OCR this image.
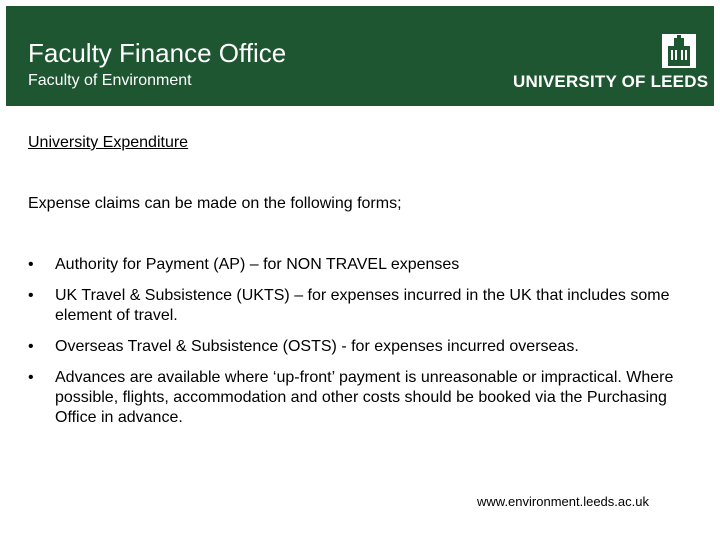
Faculty Finance Office
Faculty of Environment	UNIVERSITY OF LEEDS
University Expenditure
Expense claims can be made on the following forms;
• Authority for Payment (AP) – for NON TRAVEL expenses
• UK Travel & Subsistence (UKTS) – for expenses incurred in the UK that includes some element of travel.
• Overseas Travel & Subsistence (OSTS) - for expenses incurred overseas.
• Advances are available where ‘up-front’ payment is unreasonable or impractical. Where possible, flights, accommodation and other costs should be booked via the Purchasing Office in advance.
www.environment.leeds.ac.uk
